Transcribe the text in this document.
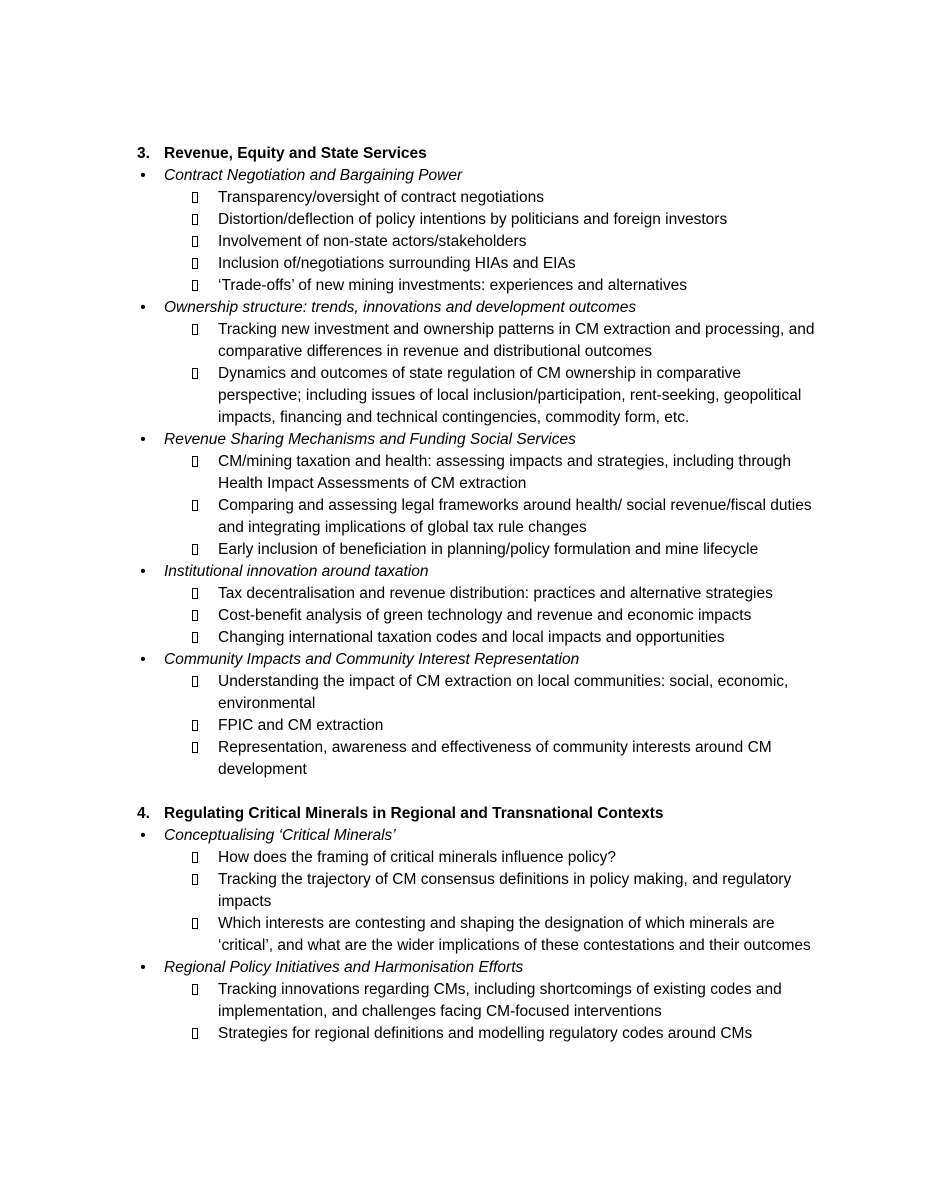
3. Revenue, Equity and State Services
• Contract Negotiation and Bargaining Power
Transparency/oversight of contract negotiations
Distortion/deflection of policy intentions by politicians and foreign investors
Involvement of non-state actors/stakeholders
Inclusion of/negotiations surrounding HIAs and EIAs
‘Trade-offs’ of new mining investments: experiences and alternatives
• Ownership structure: trends, innovations and development outcomes
Tracking new investment and ownership patterns in CM extraction and processing, and comparative differences in revenue and distributional outcomes
Dynamics and outcomes of state regulation of CM ownership in comparative perspective; including issues of local inclusion/participation, rent-seeking, geopolitical impacts, financing and technical contingencies, commodity form, etc.
• Revenue Sharing Mechanisms and Funding Social Services
CM/mining taxation and health: assessing impacts and strategies, including through Health Impact Assessments of CM extraction
Comparing and assessing legal frameworks around health/ social revenue/fiscal duties and integrating implications of global tax rule changes
Early inclusion of beneficiation in planning/policy formulation and mine lifecycle
• Institutional innovation around taxation
Tax decentralisation and revenue distribution: practices and alternative strategies
Cost-benefit analysis of green technology and revenue and economic impacts
Changing international taxation codes and local impacts and opportunities
• Community Impacts and Community Interest Representation
Understanding the impact of CM extraction on local communities: social, economic, environmental
FPIC and CM extraction
Representation, awareness and effectiveness of community interests around CM development
4. Regulating Critical Minerals in Regional and Transnational Contexts
• Conceptualising ‘Critical Minerals’
How does the framing of critical minerals influence policy?
Tracking the trajectory of CM consensus definitions in policy making, and regulatory impacts
Which interests are contesting and shaping the designation of which minerals are ‘critical’, and what are the wider implications of these contestations and their outcomes
• Regional Policy Initiatives and Harmonisation Efforts
Tracking innovations regarding CMs, including shortcomings of existing codes and implementation, and challenges facing CM-focused interventions
Strategies for regional definitions and modelling regulatory codes around CMs
